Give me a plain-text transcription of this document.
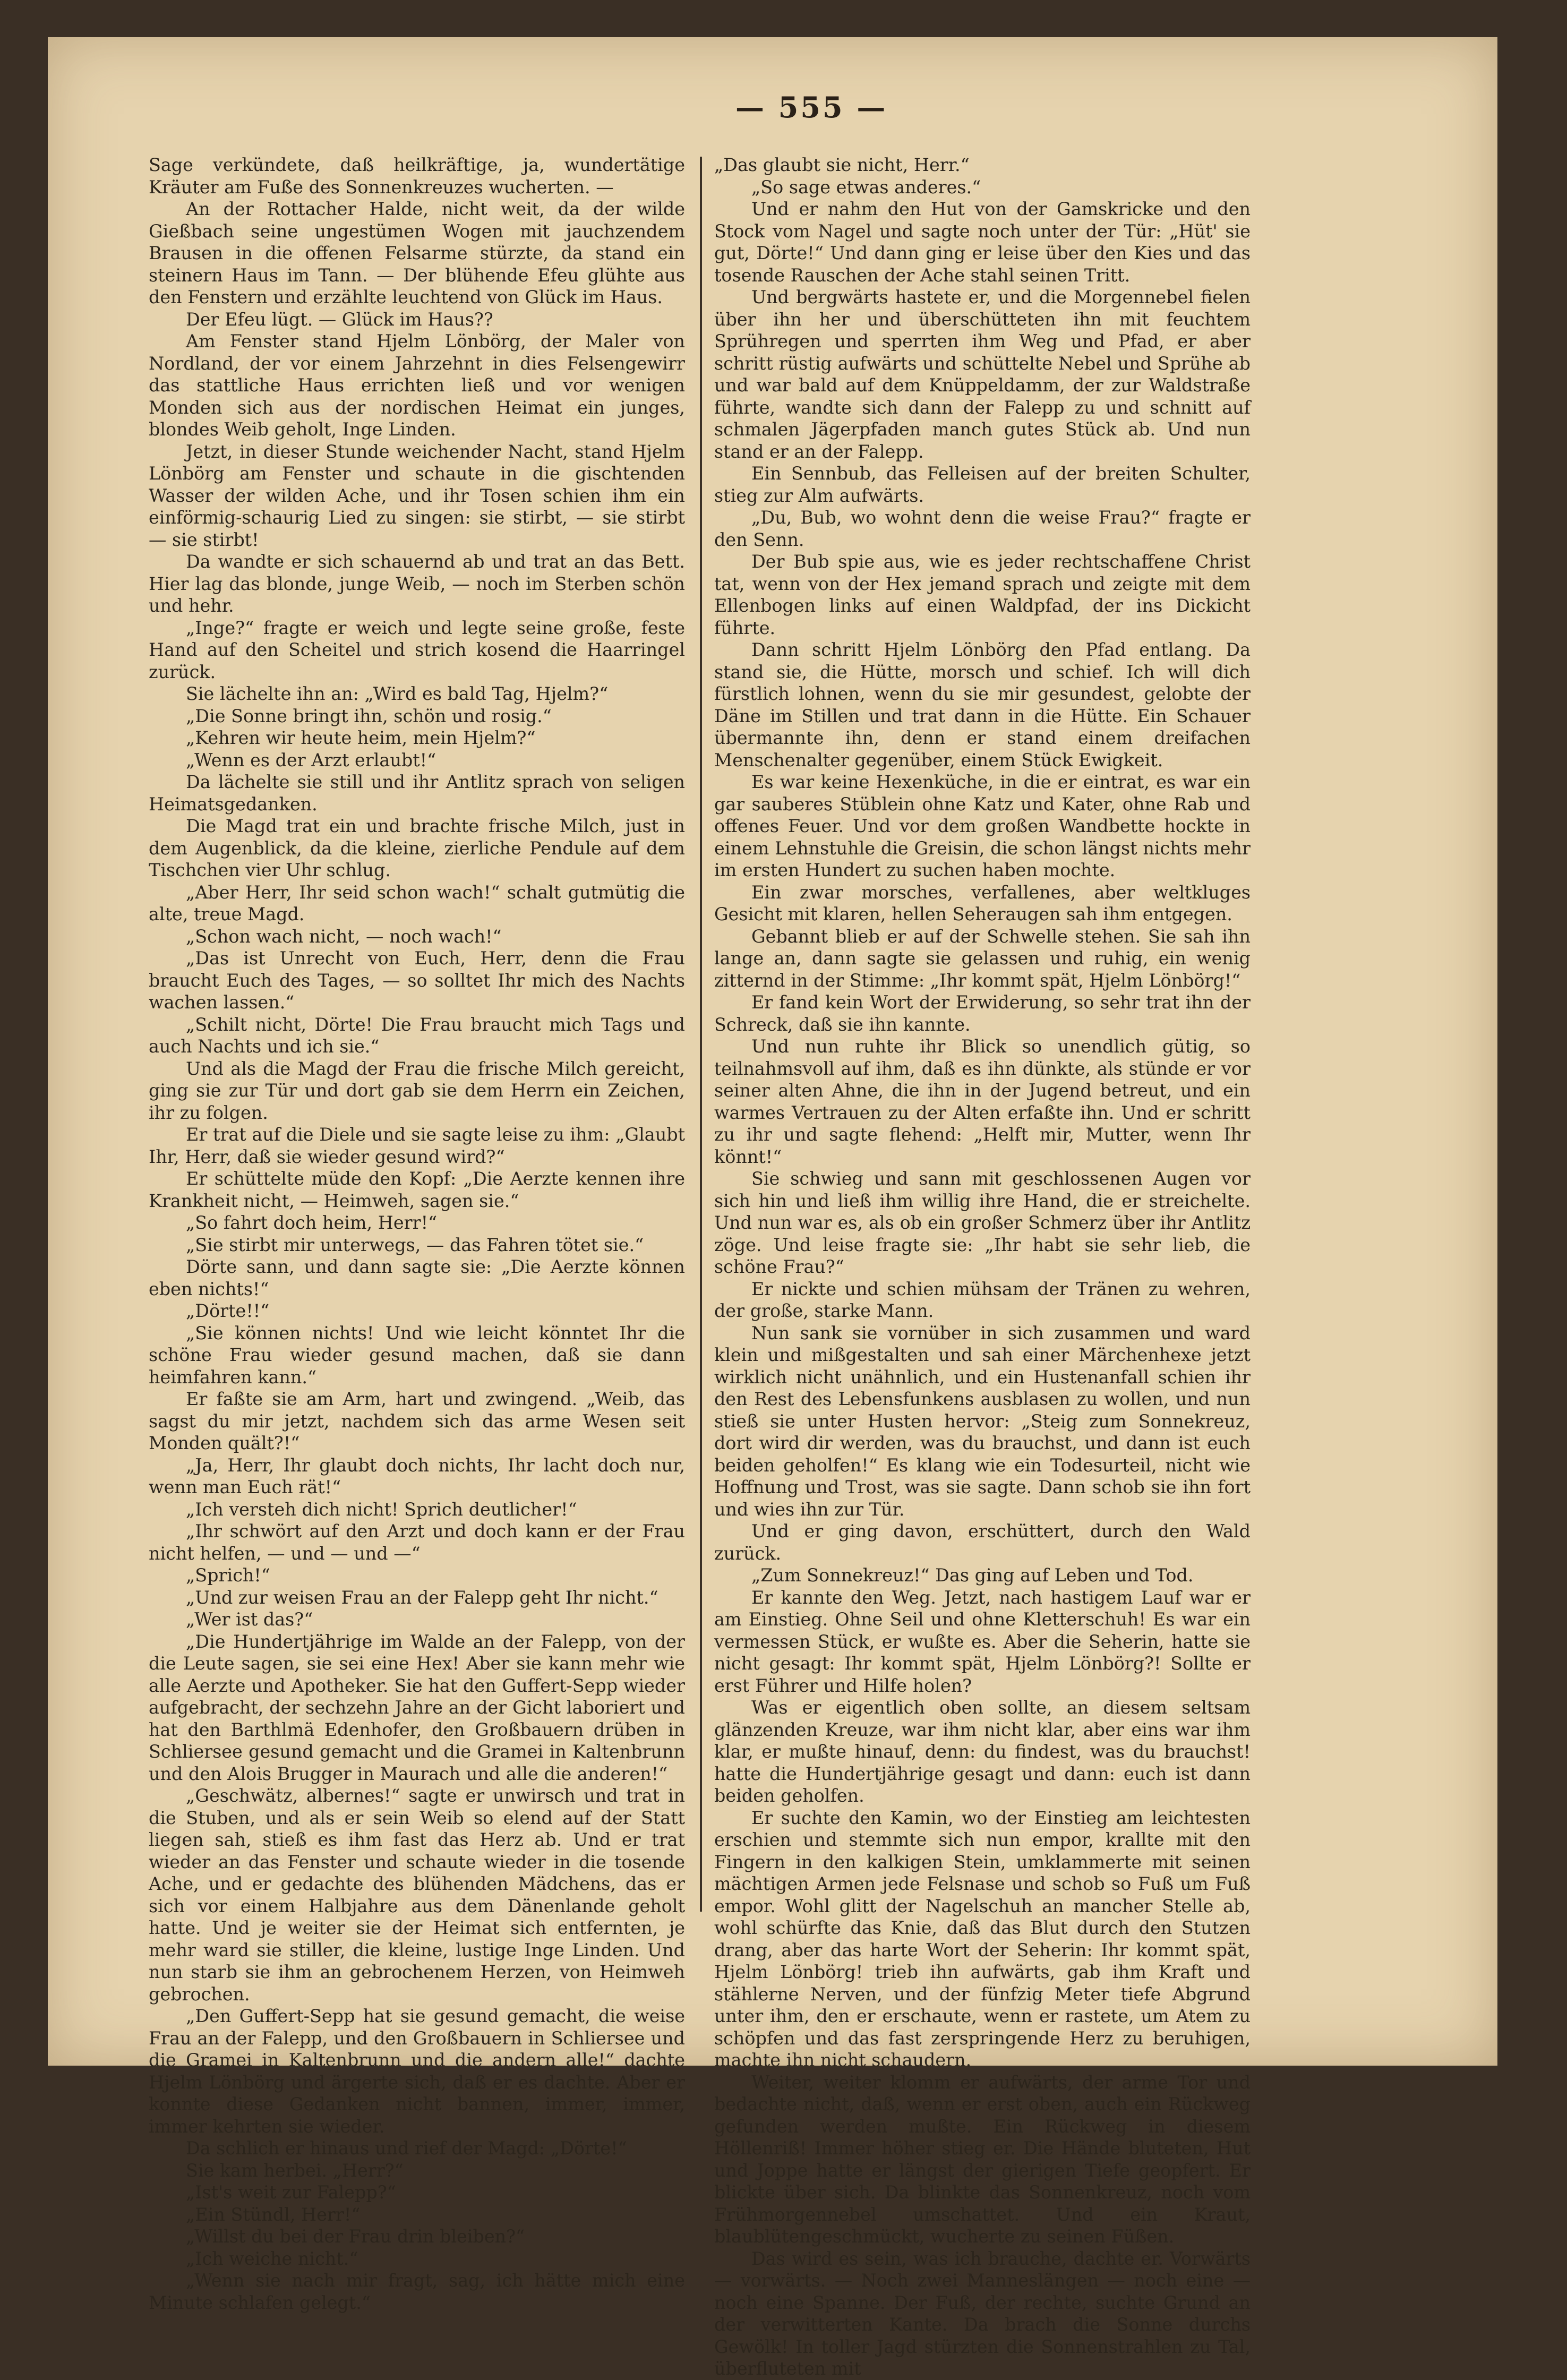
— 555 —

Sage verkündete, daß heilkräftige, ja, wundertätige Kräuter am Fuße des Sonnenkreuzes wucherten. —

An der Rottacher Halde, nicht weit, da der wilde Gießbach seine ungestümen Wogen mit jauchzendem Brausen in die offenen Felsarme stürzte, da stand ein steinern Haus im Tann. — Der blühende Efeu glühte aus den Fenstern und erzählte leuchtend von Glück im Haus.

Der Efeu lügt. — Glück im Haus??

Am Fenster stand Hjelm Lönbörg, der Maler von Nordland, der vor einem Jahrzehnt in dies Felsengewirr das stattliche Haus errichten ließ und vor wenigen Monden sich aus der nordischen Heimat ein junges, blondes Weib geholt, Inge Linden.

Jetzt, in dieser Stunde weichender Nacht, stand Hjelm Lönbörg am Fenster und schaute in die gischtenden Wasser der wilden Ache, und ihr Tosen schien ihm ein einförmig-schaurig Lied zu singen: sie stirbt, — sie stirbt — sie stirbt!

Da wandte er sich schauernd ab und trat an das Bett. Hier lag das blonde, junge Weib, — noch im Sterben schön und hehr.

„Inge?“ fragte er weich und legte seine große, feste Hand auf den Scheitel und strich kosend die Haarringel zurück.

Sie lächelte ihn an: „Wird es bald Tag, Hjelm?“

„Die Sonne bringt ihn, schön und rosig.“

„Kehren wir heute heim, mein Hjelm?“

„Wenn es der Arzt erlaubt!“

Da lächelte sie still und ihr Antlitz sprach von seligen Heimatsgedanken.

Die Magd trat ein und brachte frische Milch, just in dem Augenblick, da die kleine, zierliche Pendule auf dem Tischchen vier Uhr schlug.

„Aber Herr, Ihr seid schon wach!“ schalt gutmütig die alte, treue Magd.

„Schon wach nicht, — noch wach!“

„Das ist Unrecht von Euch, Herr, denn die Frau braucht Euch des Tages, — so solltet Ihr mich des Nachts wachen lassen.“

„Schilt nicht, Dörte! Die Frau braucht mich Tags und auch Nachts und ich sie.“

Und als die Magd der Frau die frische Milch gereicht, ging sie zur Tür und dort gab sie dem Herrn ein Zeichen, ihr zu folgen.

Er trat auf die Diele und sie sagte leise zu ihm: „Glaubt Ihr, Herr, daß sie wieder gesund wird?“

Er schüttelte müde den Kopf: „Die Aerzte kennen ihre Krankheit nicht, — Heimweh, sagen sie.“

„So fahrt doch heim, Herr!“

„Sie stirbt mir unterwegs, — das Fahren tötet sie.“

Dörte sann, und dann sagte sie: „Die Aerzte können eben nichts!“

„Dörte!!“

„Sie können nichts! Und wie leicht könntet Ihr die schöne Frau wieder gesund machen, daß sie dann heimfahren kann.“

Er faßte sie am Arm, hart und zwingend. „Weib, das sagst du mir jetzt, nachdem sich das arme Wesen seit Monden quält?!“

„Ja, Herr, Ihr glaubt doch nichts, Ihr lacht doch nur, wenn man Euch rät!“

„Ich versteh dich nicht! Sprich deutlicher!“

„Ihr schwört auf den Arzt und doch kann er der Frau nicht helfen, — und — und —“

„Sprich!“

„Und zur weisen Frau an der Falepp geht Ihr nicht.“

„Wer ist das?“

„Die Hundertjährige im Walde an der Falepp, von der die Leute sagen, sie sei eine Hex! Aber sie kann mehr wie alle Aerzte und Apotheker. Sie hat den Guffert-Sepp wieder aufgebracht, der sechzehn Jahre an der Gicht laboriert und hat den Barthlmä Edenhofer, den Großbauern drüben in Schliersee gesund gemacht und die Gramei in Kaltenbrunn und den Alois Brugger in Maurach und alle die anderen!“

„Geschwätz, albernes!“ sagte er unwirsch und trat in die Stuben, und als er sein Weib so elend auf der Statt liegen sah, stieß es ihm fast das Herz ab. Und er trat wieder an das Fenster und schaute wieder in die tosende Ache, und er gedachte des blühenden Mädchens, das er sich vor einem Halbjahre aus dem Dänenlande geholt hatte. Und je weiter sie der Heimat sich entfernten, je mehr ward sie stiller, die kleine, lustige Inge Linden. Und nun starb sie ihm an gebrochenem Herzen, von Heimweh gebrochen.

„Den Guffert-Sepp hat sie gesund gemacht, die weise Frau an der Falepp, und den Großbauern in Schliersee und die Gramei in Kaltenbrunn und die andern alle!“ dachte Hjelm Lönbörg und ärgerte sich, daß er es dachte. Aber er konnte diese Gedanken nicht bannen, immer, immer, immer kehrten sie wieder.

Da schlich er hinaus und rief der Magd: „Dörte!“

Sie kam herbei. „Herr?“

„Ist's weit zur Falepp?“

„Ein Stündl, Herr!“

„Willst du bei der Frau drin bleiben?“

„Ich weiche nicht.“

„Wenn sie nach mir fragt, sag, ich hätte mich eine Minute schlafen gelegt.“

„Das glaubt sie nicht, Herr.“

„So sage etwas anderes.“

Und er nahm den Hut von der Gamskricke und den Stock vom Nagel und sagte noch unter der Tür: „Hüt' sie gut, Dörte!“ Und dann ging er leise über den Kies und das tosende Rauschen der Ache stahl seinen Tritt.

Und bergwärts hastete er, und die Morgennebel fielen über ihn her und überschütteten ihn mit feuchtem Sprühregen und sperrten ihm Weg und Pfad, er aber schritt rüstig aufwärts und schüttelte Nebel und Sprühe ab und war bald auf dem Knüppeldamm, der zur Waldstraße führte, wandte sich dann der Falepp zu und schnitt auf schmalen Jägerpfaden manch gutes Stück ab. Und nun stand er an der Falepp.

Ein Sennbub, das Felleisen auf der breiten Schulter, stieg zur Alm aufwärts.

„Du, Bub, wo wohnt denn die weise Frau?“ fragte er den Senn.

Der Bub spie aus, wie es jeder rechtschaffene Christ tat, wenn von der Hex jemand sprach und zeigte mit dem Ellenbogen links auf einen Waldpfad, der ins Dickicht führte.

Dann schritt Hjelm Lönbörg den Pfad entlang. Da stand sie, die Hütte, morsch und schief. Ich will dich fürstlich lohnen, wenn du sie mir gesundest, gelobte der Däne im Stillen und trat dann in die Hütte. Ein Schauer übermannte ihn, denn er stand einem dreifachen Menschenalter gegenüber, einem Stück Ewigkeit.

Es war keine Hexenküche, in die er eintrat, es war ein gar sauberes Stüblein ohne Katz und Kater, ohne Rab und offenes Feuer. Und vor dem großen Wandbette hockte in einem Lehnstuhle die Greisin, die schon längst nichts mehr im ersten Hundert zu suchen haben mochte.

Ein zwar morsches, verfallenes, aber weltkluges Gesicht mit klaren, hellen Seheraugen sah ihm entgegen.

Gebannt blieb er auf der Schwelle stehen. Sie sah ihn lange an, dann sagte sie gelassen und ruhig, ein wenig zitternd in der Stimme: „Ihr kommt spät, Hjelm Lönbörg!“

Er fand kein Wort der Erwiderung, so sehr trat ihn der Schreck, daß sie ihn kannte.

Und nun ruhte ihr Blick so unendlich gütig, so teilnahmsvoll auf ihm, daß es ihn dünkte, als stünde er vor seiner alten Ahne, die ihn in der Jugend betreut, und ein warmes Vertrauen zu der Alten erfaßte ihn. Und er schritt zu ihr und sagte flehend: „Helft mir, Mutter, wenn Ihr könnt!“

Sie schwieg und sann mit geschlossenen Augen vor sich hin und ließ ihm willig ihre Hand, die er streichelte. Und nun war es, als ob ein großer Schmerz über ihr Antlitz zöge. Und leise fragte sie: „Ihr habt sie sehr lieb, die schöne Frau?“

Er nickte und schien mühsam der Tränen zu wehren, der große, starke Mann.

Nun sank sie vornüber in sich zusammen und ward klein und mißgestalten und sah einer Märchenhexe jetzt wirklich nicht unähnlich, und ein Hustenanfall schien ihr den Rest des Lebensfunkens ausblasen zu wollen, und nun stieß sie unter Husten hervor: „Steig zum Sonnekreuz, dort wird dir werden, was du brauchst, und dann ist euch beiden geholfen!“ Es klang wie ein Todesurteil, nicht wie Hoffnung und Trost, was sie sagte. Dann schob sie ihn fort und wies ihn zur Tür.

Und er ging davon, erschüttert, durch den Wald zurück.

„Zum Sonnekreuz!“ Das ging auf Leben und Tod.

Er kannte den Weg. Jetzt, nach hastigem Lauf war er am Einstieg. Ohne Seil und ohne Kletterschuh! Es war ein vermessen Stück, er wußte es. Aber die Seherin, hatte sie nicht gesagt: Ihr kommt spät, Hjelm Lönbörg?! Sollte er erst Führer und Hilfe holen?

Was er eigentlich oben sollte, an diesem seltsam glänzenden Kreuze, war ihm nicht klar, aber eins war ihm klar, er mußte hinauf, denn: du findest, was du brauchst! hatte die Hundertjährige gesagt und dann: euch ist dann beiden geholfen.

Er suchte den Kamin, wo der Einstieg am leichtesten erschien und stemmte sich nun empor, krallte mit den Fingern in den kalkigen Stein, umklammerte mit seinen mächtigen Armen jede Felsnase und schob so Fuß um Fuß empor. Wohl glitt der Nagelschuh an mancher Stelle ab, wohl schürfte das Knie, daß das Blut durch den Stutzen drang, aber das harte Wort der Seherin: Ihr kommt spät, Hjelm Lönbörg! trieb ihn aufwärts, gab ihm Kraft und stählerne Nerven, und der fünfzig Meter tiefe Abgrund unter ihm, den er erschaute, wenn er rastete, um Atem zu schöpfen und das fast zerspringende Herz zu beruhigen, machte ihn nicht schaudern.

Weiter, weiter klomm er aufwärts, der arme Tor und bedachte nicht, daß, wenn er erst oben, auch ein Rückweg gefunden werden mußte. Ein Rückweg in diesem Höllenriß! Immer höher stieg er. Die Hände bluteten, Hut und Joppe hatte er längst der gierigen Tiefe geopfert. Er blickte über sich. Da blinkte das Sonnenkreuz, noch vom Frühmorgennebel umschattet. Und ein Kraut, blaublütengeschmückt, wucherte zu seinen Füßen.

Das wird es sein, was ich brauche, dachte er. Vorwärts — vorwärts. — Noch zwei Manneslängen — noch eine — noch eine Spanne. Der Fuß, der rechte, suchte Grund an der verwitterten Kante. Da brach die Sonne durchs Gewölk! In toller Jagd stürzten die Sonnenstrahlen zu Tal, überfluteten mit
